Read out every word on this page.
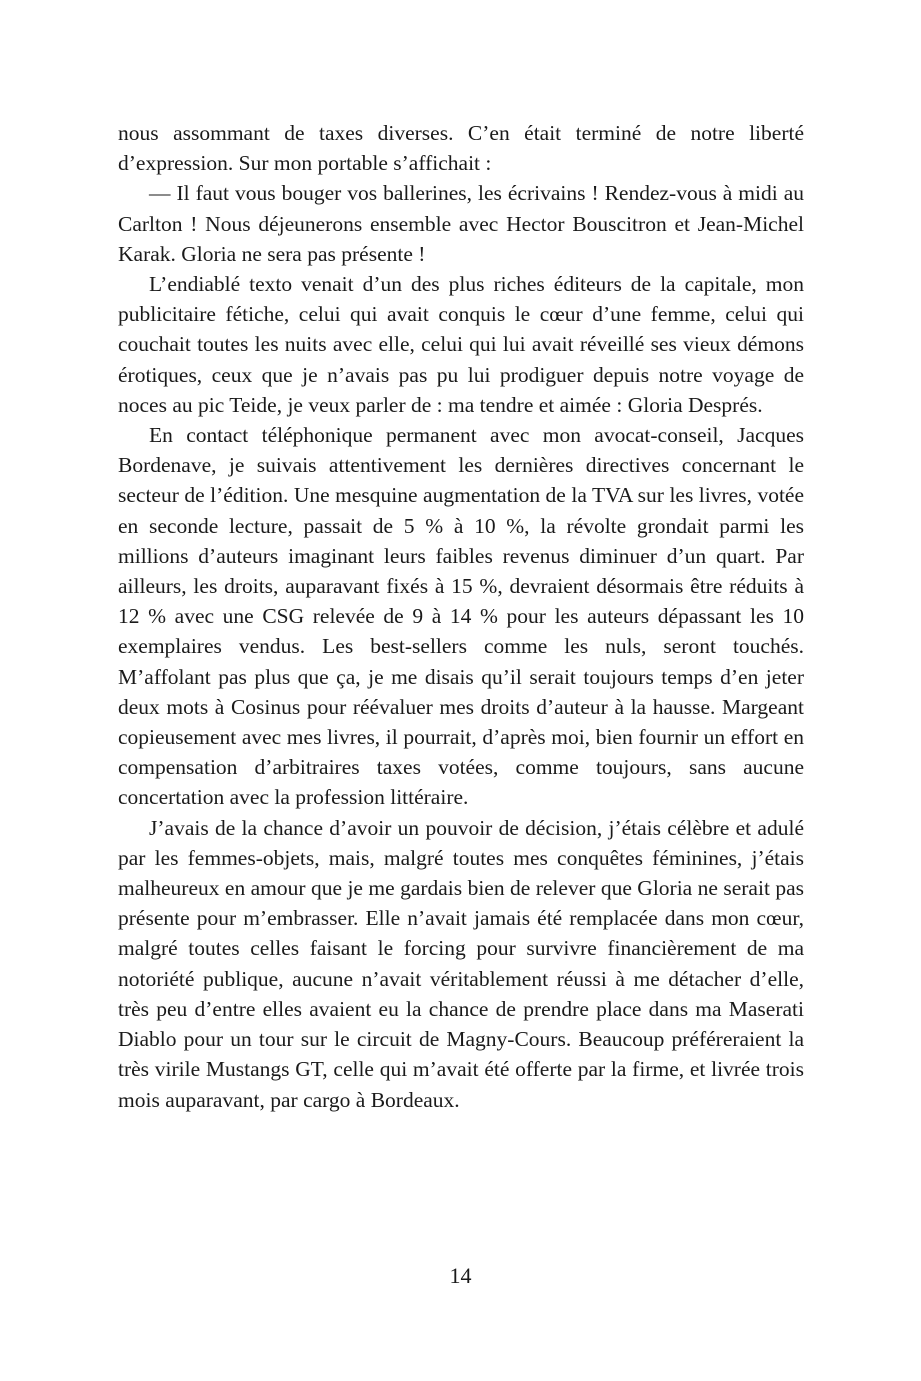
nous assommant de taxes diverses. C’en était terminé de notre liberté d’expression. Sur mon portable s’affichait :

— Il faut vous bouger vos ballerines, les écrivains ! Rendez-vous à midi au Carlton ! Nous déjeunerons ensemble avec Hector Bouscitron et Jean-Michel Karak. Gloria ne sera pas présente !

L’endiablé texto venait d’un des plus riches éditeurs de la capitale, mon publicitaire fétiche, celui qui avait conquis le cœur d’une femme, celui qui couchait toutes les nuits avec elle, celui qui lui avait réveillé ses vieux démons érotiques, ceux que je n’avais pas pu lui prodiguer depuis notre voyage de noces au pic Teide, je veux parler de : ma tendre et aimée : Gloria Després.

En contact téléphonique permanent avec mon avocat-conseil, Jacques Bordenave, je suivais attentivement les dernières directives concernant le secteur de l’édition. Une mesquine augmentation de la TVA sur les livres, votée en seconde lecture, passait de 5 % à 10 %, la révolte grondait parmi les millions d’auteurs imaginant leurs faibles revenus diminuer d’un quart. Par ailleurs, les droits, auparavant fixés à 15 %, devraient désormais être réduits à 12 % avec une CSG relevée de 9 à 14 % pour les auteurs dépassant les 10 exemplaires vendus. Les best-sellers comme les nuls, seront touchés. M’affolant pas plus que ça, je me disais qu’il serait toujours temps d’en jeter deux mots à Cosinus pour réévaluer mes droits d’auteur à la hausse. Margeant copieusement avec mes livres, il pourrait, d’après moi, bien fournir un effort en compensation d’arbitraires taxes votées, comme toujours, sans aucune concertation avec la profession littéraire.

J’avais de la chance d’avoir un pouvoir de décision, j’étais célèbre et adulé par les femmes-objets, mais, malgré toutes mes conquêtes féminines, j’étais malheureux en amour que je me gardais bien de relever que Gloria ne serait pas présente pour m’embrasser. Elle n’avait jamais été remplacée dans mon cœur, malgré toutes celles faisant le forcing pour survivre financièrement de ma notoriété publique, aucune n’avait véritablement réussi à me détacher d’elle, très peu d’entre elles avaient eu la chance de prendre place dans ma Maserati Diablo pour un tour sur le circuit de Magny-Cours. Beaucoup préféreraient la très virile Mustangs GT, celle qui m’avait été offerte par la firme, et livrée trois mois auparavant, par cargo à Bordeaux.

14
